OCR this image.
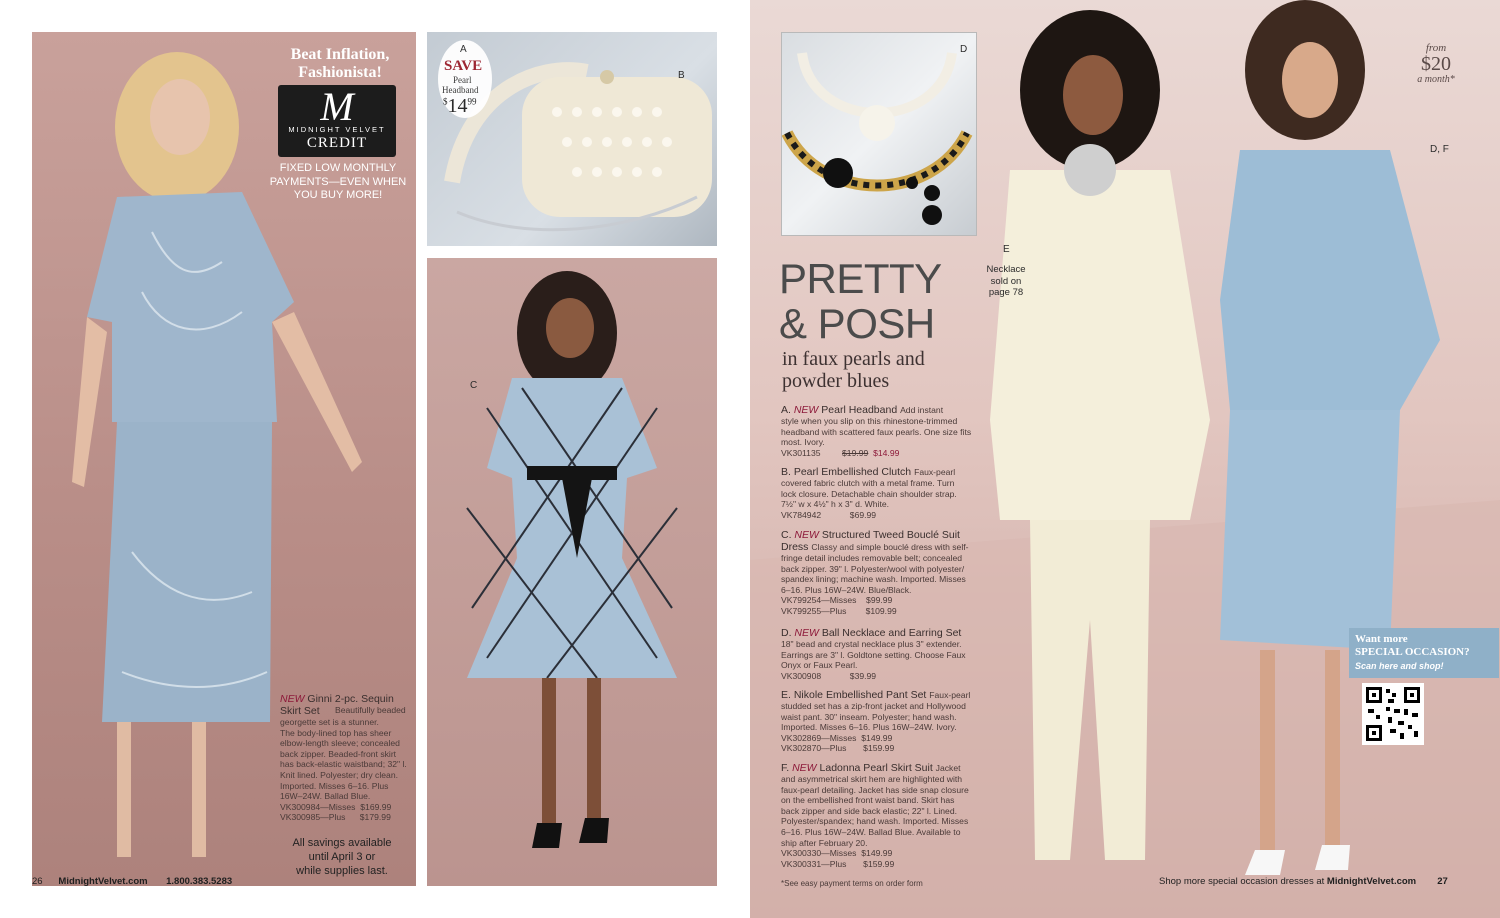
Beat Inflation,
Fashionista!
M
MIDNIGHT VELVET
CREDIT
FIXED LOW MONTHLY
PAYMENTS—EVEN WHEN
YOU BUY MORE!
NEW Ginni 2-pc. Sequin
Skirt Set	Beautifully beaded
georgette set is a stunner.
The body-lined top has sheer
elbow-length sleeve; concealed
back zipper. Beaded-front skirt
has back-elastic waistband; 32" l.
Knit lined. Polyester; dry clean.
Imported. Misses 6–16. Plus
16W–24W. Ballad Blue.
VK300984—Misses $169.99
VK300985—Plus $179.99
All savings available
until April 3 or
while supplies last.
26 MidnightVelvet.com 1.800.383.5283
A
SAVE
Pearl
Headband
$^{\$}14^{99}$
B
C
D
PRETTY
& POSH
in faux pearls and
powder blues
A. NEW Pearl Headband Add instant
style when you slip on this rhinestone-trimmed
headband with scattered faux pearls. One size fits
most. Ivory.
VK301135	$19.99 $14.99
B. Pearl Embellished Clutch Faux-pearl
covered fabric clutch with a metal frame. Turn
lock closure. Detachable chain shoulder strap.
7½" w x 4½" h x 3" d. White.
VK784942	$69.99
C. NEW Structured Tweed Bouclé Suit
Dress Classy and simple bouclé dress with self-
fringe detail includes removable belt; concealed
back zipper. 39" l. Polyester/wool with polyester/
spandex lining; machine wash. Imported. Misses
6–16. Plus 16W–24W. Blue/Black.
VK799254—Misses $99.99
VK799255—Plus $109.99
D. NEW Ball Necklace and Earring Set
18" bead and crystal necklace plus 3" extender.
Earrings are 3" l. Goldtone setting. Choose Faux
Onyx or Faux Pearl.
VK300908	$39.99
E. Nikole Embellished Pant Set Faux-pearl
studded set has a zip-front jacket and Hollywood
waist pant. 30" inseam. Polyester; hand wash.
Imported. Misses 6–16. Plus 16W–24W. Ivory.
VK302869—Misses $149.99
VK302870—Plus $159.99
F. NEW Ladonna Pearl Skirt Suit Jacket
and asymmetrical skirt hem are highlighted with
faux-pearl detailing. Jacket has side snap closure
on the embellished front waist band. Skirt has
back zipper and side back elastic; 22" l. Lined.
Polyester/spandex; hand wash. Imported. Misses
6–16. Plus 16W–24W. Ballad Blue. Available to
ship after February 20.
VK300330—Misses $149.99
VK300331—Plus $159.99
*See easy payment terms on order form
E
Necklace
sold on
page 78
D, F
from
$20
a month*
Want more
SPECIAL OCCASION?
Scan here and shop!
Shop more special occasion dresses at MidnightVelvet.com 27
